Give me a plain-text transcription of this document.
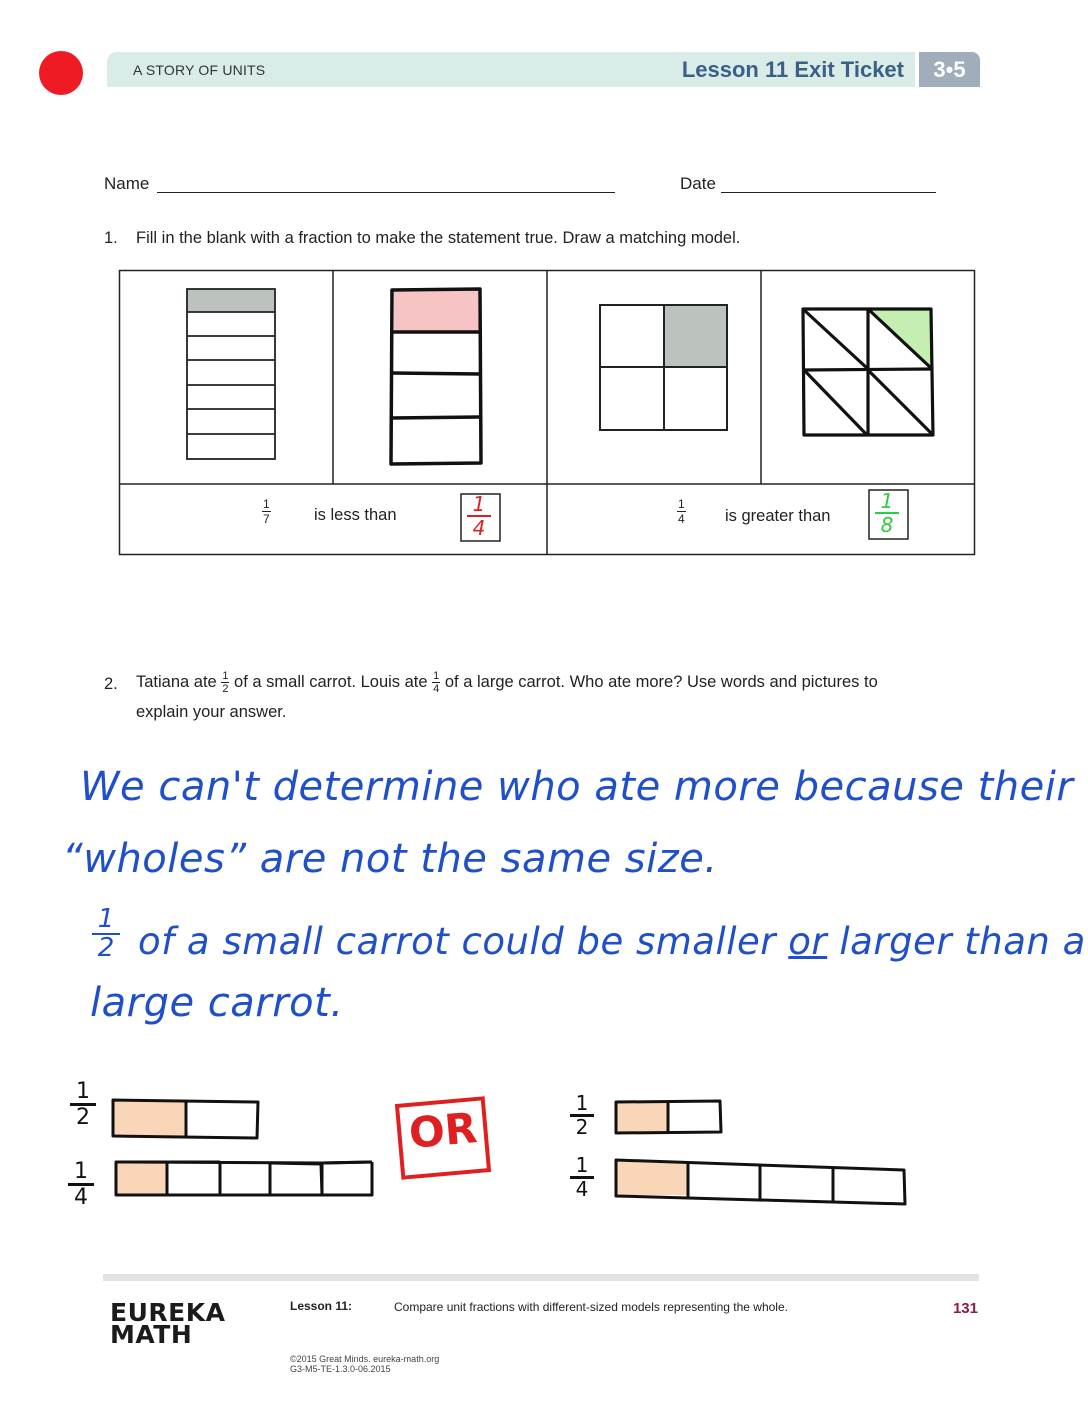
A STORY OF UNITS	Lesson 11 Exit Ticket	3•5
Name	Date
1. Fill in the blank with a fraction to make the statement true. Draw a matching model.
$\frac{1}{7}$	is less than	1
4
$\frac{1}{4}$ is greater than
1
8
2. Tatiana ate $\frac{1}{2}$ of a small carrot. Louis ate $\frac{1}{4}$ of a large carrot. Who ate more? Use words and pictures to
explain your answer.
We can't determine who ate more because their
“wholes” are not the same size.
1
2 of a small carrot could be smaller or larger than a
large carrot.
1
2
1
4
1
2
1
4
OR
EUREKA
MATH
Lesson 11:	Compare unit fractions with different-sized models representing the whole.	131
©2015 Great Minds. eureka-math.org
G3-M5-TE-1.3.0-06.2015
